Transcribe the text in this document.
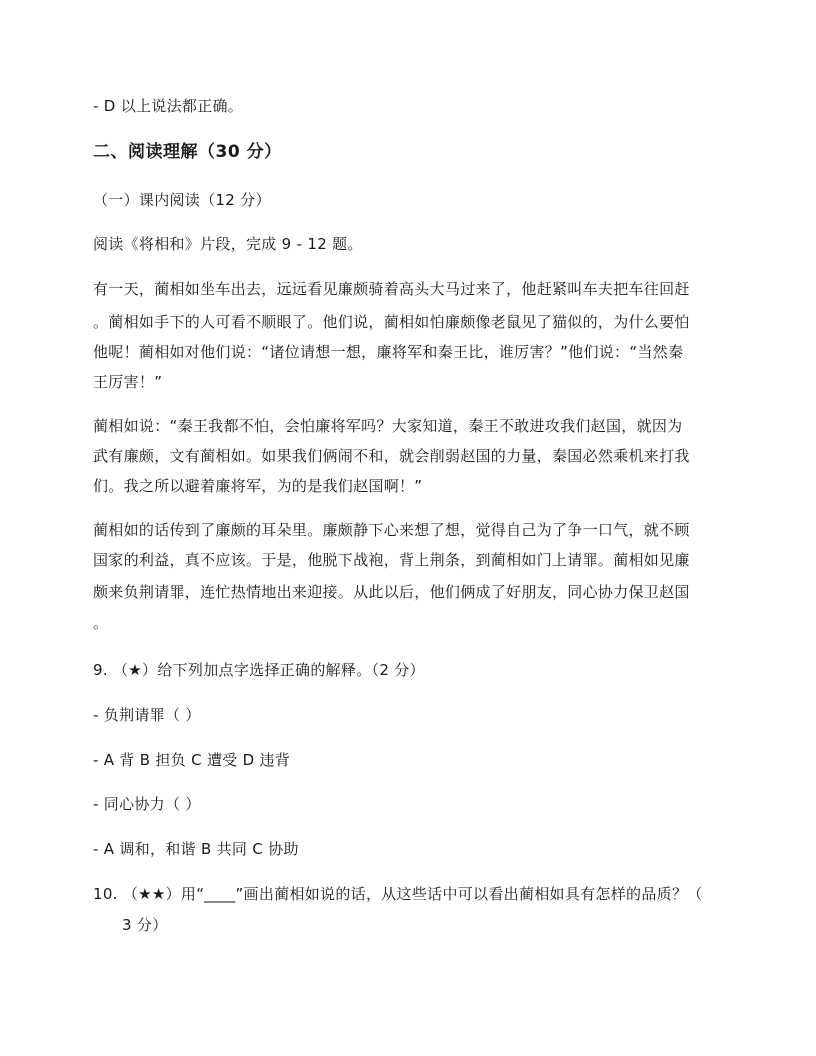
- D 以上说法都正确。
二、阅读理解（30 分）
（一）课内阅读（12 分）
阅读《将相和》片段，完成 9 - 12 题。
有一天，蔺相如坐车出去，远远看见廉颇骑着高头大马过来了，他赶紧叫车夫把车往回赶
。蔺相如手下的人可看不顺眼了。他们说，蔺相如怕廉颇像老鼠见了猫似的，为什么要怕
他呢！蔺相如对他们说：“诸位请想一想，廉将军和秦王比，谁厉害？”他们说：“当然秦
王厉害！”
蔺相如说：“秦王我都不怕，会怕廉将军吗？大家知道，秦王不敢进攻我们赵国，就因为
武有廉颇，文有蔺相如。如果我们俩闹不和，就会削弱赵国的力量，秦国必然乘机来打我
们。我之所以避着廉将军，为的是我们赵国啊！”
蔺相如的话传到了廉颇的耳朵里。廉颇静下心来想了想，觉得自己为了争一口气，就不顾
国家的利益，真不应该。于是，他脱下战袍，背上荆条，到蔺相如门上请罪。蔺相如见廉
颇来负荆请罪，连忙热情地出来迎接。从此以后，他们俩成了好朋友，同心协力保卫赵国
。
9. （★）给下列加点字选择正确的解释。（2 分）
- 负荆请罪（ ）
- A 背 B 担负 C 遭受 D 违背
- 同心协力（ ）
- A 调和，和谐 B 共同 C 协助
10. （★★）用“____”画出蔺相如说的话，从这些话中可以看出蔺相如具有怎样的品质？（
3 分）
